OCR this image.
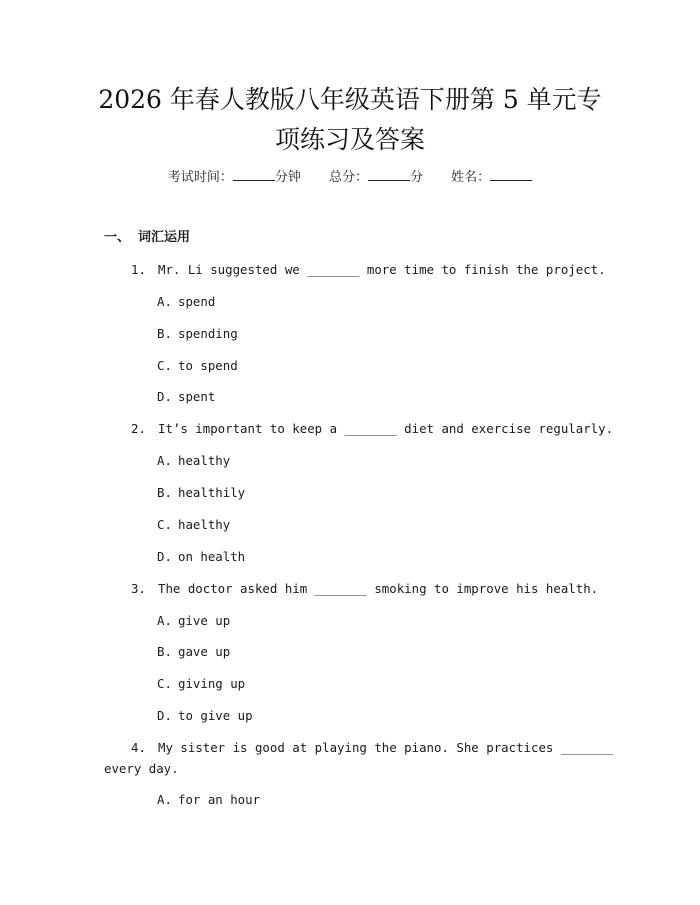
2026 年春人教版八年级英语下册第 5 单元专
项练习及答案
考试时间：	分钟 总分：	分 姓名：
一、 词汇运用
1. Mr. Li suggested we _______ more time to finish the project.
A. spend
B. spending
C. to spend
D. spent
2. It’s important to keep a _______ diet and exercise regularly.
A. healthy
B. healthily
C. haelthy
D. on health
3. The doctor asked him _______ smoking to improve his health.
A. give up
B. gave up
C. giving up
D. to give up
4. My sister is good at playing the piano. She practices _______
every day.
A. for an hour
